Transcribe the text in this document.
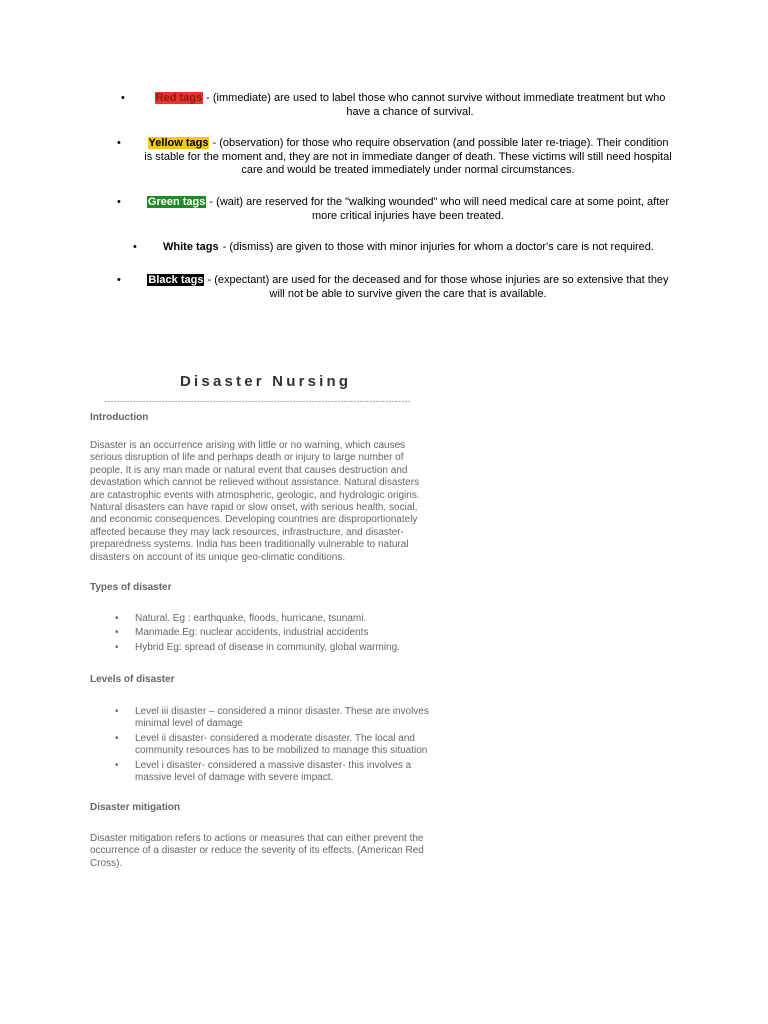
•	Red tags - (immediate) are used to label those who cannot survive without immediate treatment but who
have a chance of survival.
•	Yellow tags - (observation) for those who require observation (and possible later re-triage). Their condition
is stable for the moment and, they are not in immediate danger of death. These victims will still need hospital
care and would be treated immediately under normal circumstances.
•	Green tags - (wait) are reserved for the "walking wounded" who will need medical care at some point, after
more critical injuries have been treated.
•	White tags - (dismiss) are given to those with minor injuries for whom a doctor's care is not required.
•	Black tags - (expectant) are used for the deceased and for those whose injuries are so extensive that they
will not be able to survive given the care that is available.
Disaster Nursing
------------------------------------------------------------------------------------------------
Introduction
Disaster is an occurrence arising with little or no warning, which causes
serious disruption of life and perhaps death or injury to large number of
people. It is any man made or natural event that causes destruction and
devastation which cannot be relieved without assistance. Natural disasters
are catastrophic events with atmospheric, geologic, and hydrologic origins.
Natural disasters can have rapid or slow onset, with serious health, social,
and economic consequences. Developing countries are disproportionately
affected because they may lack resources, infrastructure, and disaster-
preparedness systems. India has been traditionally vulnerable to natural
disasters on account of its unique geo-climatic conditions.
Types of disaster
• Natural. Eg : earthquake, floods, hurricane, tsunami.
• Manmade.Eg: nuclear accidents, industrial accidents
• Hybrid Eg: spread of disease in community, global warming.
Levels of disaster
• Level iii disaster – considered a minor disaster. These are involves
minimal level of damage
• Level ii disaster- considered a moderate disaster. The local and
community resources has to be mobilized to manage this situation
• Level i disaster- considered a massive disaster- this involves a
massive level of damage with severe impact.
Disaster mitigation
Disaster mitigation refers to actions or measures that can either prevent the
occurrence of a disaster or reduce the severity of its effects. (American Red
Cross).
